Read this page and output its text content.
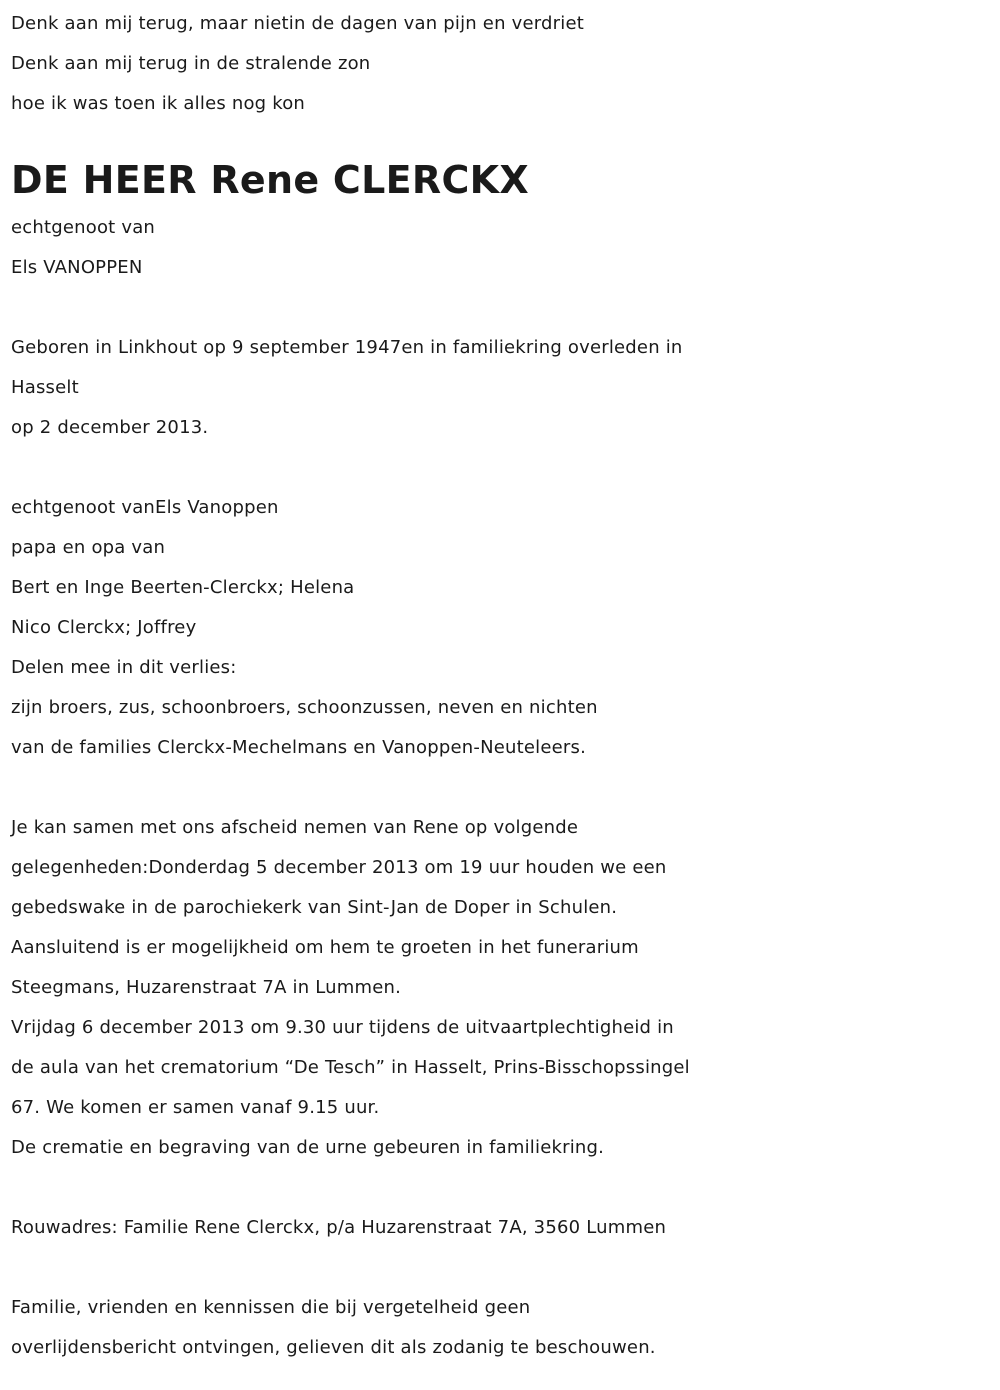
Denk aan mij terug, maar nietin de dagen van pijn en verdriet
Denk aan mij terug in de stralende zon
hoe ik was toen ik alles nog kon
DE HEER Rene CLERCKX
echtgenoot van
Els VANOPPEN
Geboren in Linkhout op 9 september 1947en in familiekring overleden in
Hasselt
op 2 december 2013.
echtgenoot vanEls Vanoppen
papa en opa van
Bert en Inge Beerten-Clerckx; Helena
Nico Clerckx; Joffrey
Delen mee in dit verlies:
zijn broers, zus, schoonbroers, schoonzussen, neven en nichten
van de families Clerckx-Mechelmans en Vanoppen-Neuteleers.
Je kan samen met ons afscheid nemen van Rene op volgende
gelegenheden:Donderdag 5 december 2013 om 19 uur houden we een
gebedswake in de parochiekerk van Sint-Jan de Doper in Schulen.
Aansluitend is er mogelijkheid om hem te groeten in het funerarium
Steegmans, Huzarenstraat 7A in Lummen.
Vrijdag 6 december 2013 om 9.30 uur tijdens de uitvaartplechtigheid in
de aula van het crematorium “De Tesch” in Hasselt, Prins-Bisschopssingel
67. We komen er samen vanaf 9.15 uur.
De crematie en begraving van de urne gebeuren in familiekring.
Rouwadres: Familie Rene Clerckx, p/a Huzarenstraat 7A, 3560 Lummen
Familie, vrienden en kennissen die bij vergetelheid geen
overlijdensbericht ontvingen, gelieven dit als zodanig te beschouwen.
